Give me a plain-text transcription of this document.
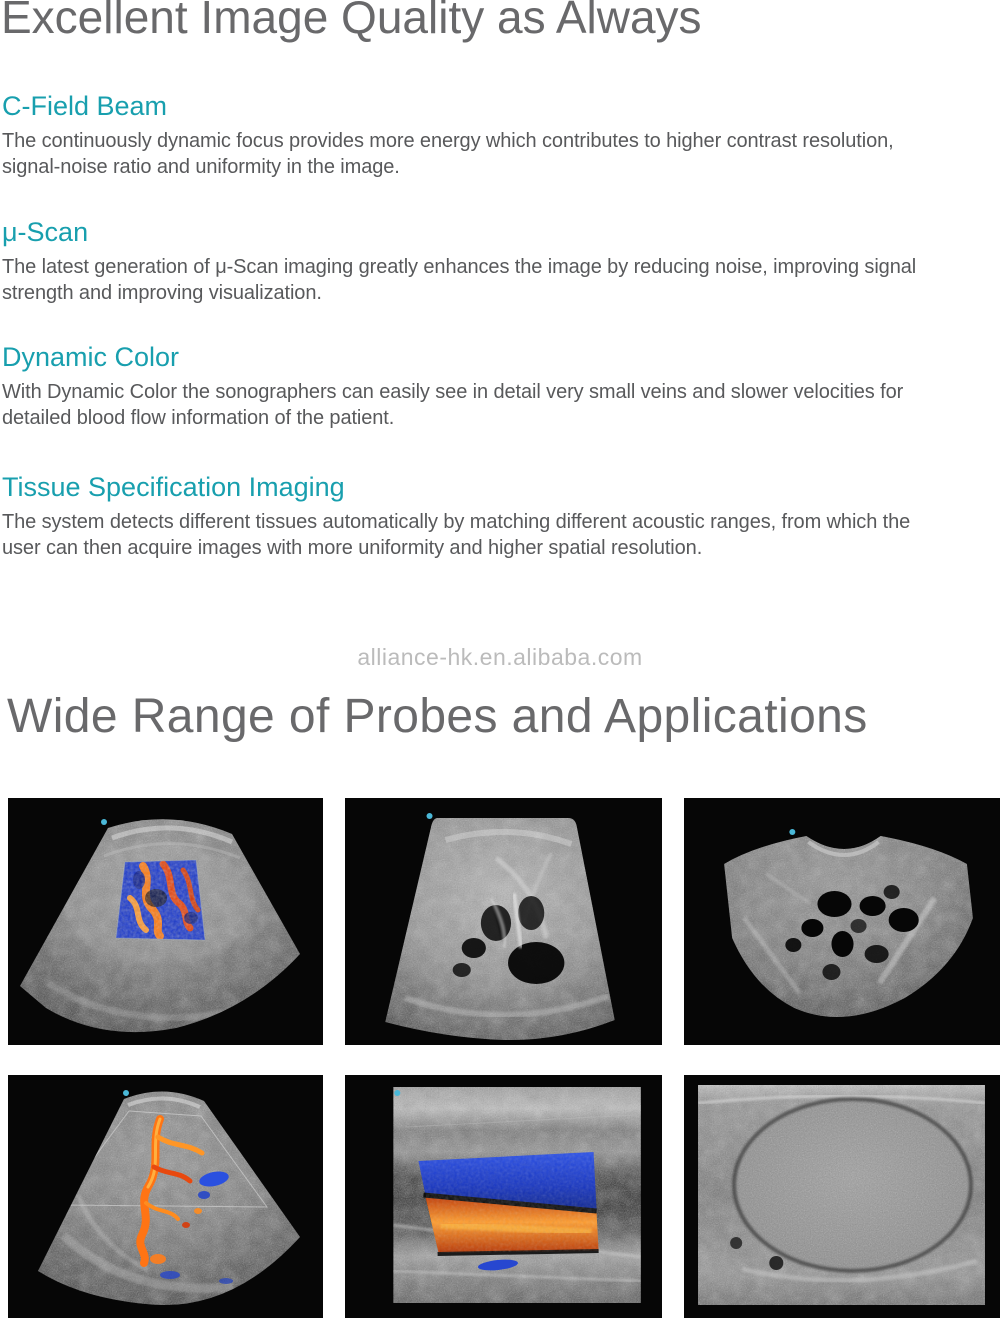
Excellent Image Quality as Always
C-Field Beam
The continuously dynamic focus provides more energy which contributes to higher contrast resolution,
signal-noise ratio and uniformity in the image.
μ-Scan
The latest generation of μ-Scan imaging greatly enhances the image by reducing noise, improving signal
strength and improving visualization.
Dynamic Color
With Dynamic Color the sonographers can easily see in detail very small veins and slower velocities for
detailed blood flow information of the patient.
Tissue Specification Imaging
The system detects different tissues automatically by matching different acoustic ranges, from which the
user can then acquire images with more uniformity and higher spatial resolution.
alliance-hk.en.alibaba.com
Wide Range of Probes and Applications
